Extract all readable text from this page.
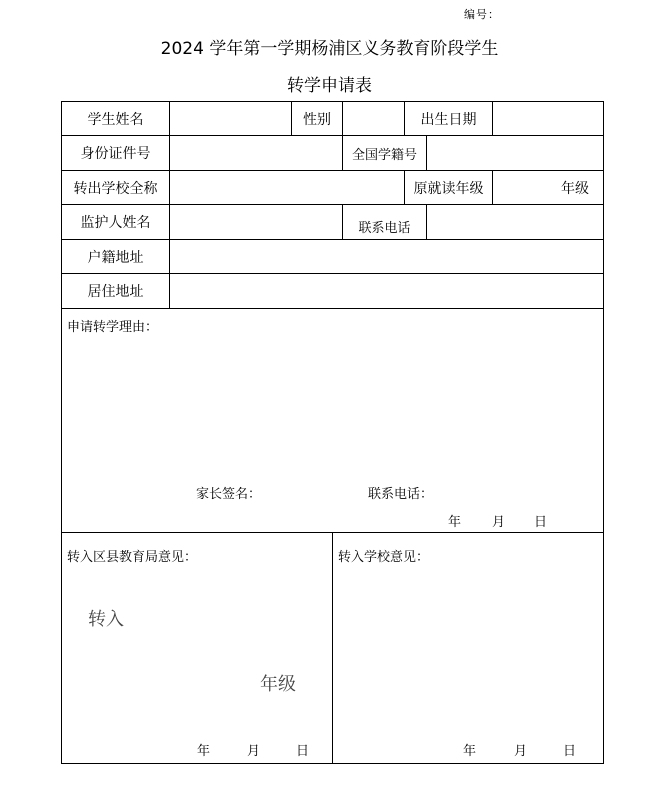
编号：
2024 学年第一学期杨浦区义务教育阶段学生
转学申请表
学生姓名	性别	出生日期
身份证件号	全国学籍号
转出学校全称	原就读年级	年级
监护人姓名	联系电话
户籍地址
居住地址
申请转学理由：
家长签名：	联系电话：
年 月 日
转入区县教育局意见：
转入
年级
年	月	日
转入学校意见：
年	月	日
